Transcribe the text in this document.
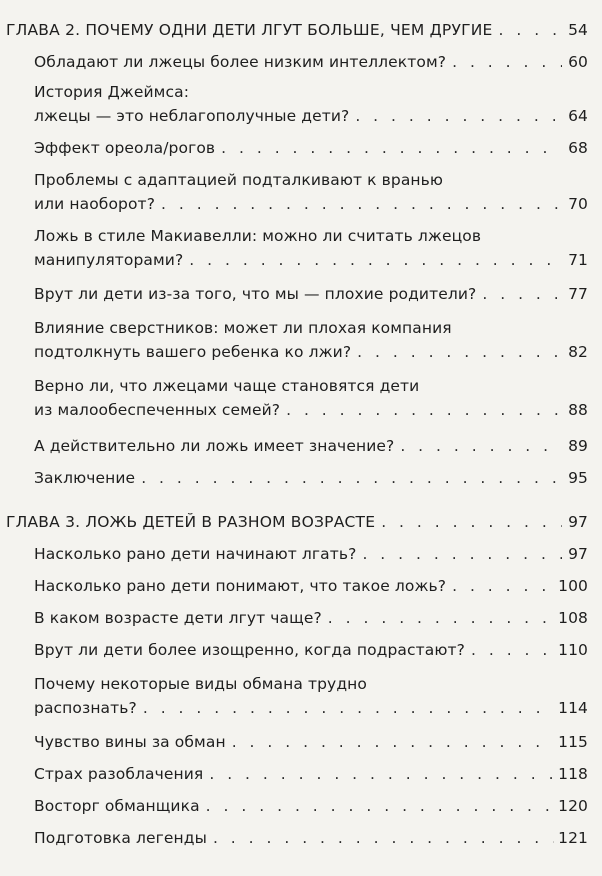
ГЛАВА 2. ПОЧЕМУ ОДНИ ДЕТИ ЛГУТ БОЛЬШЕ, ЧЕМ ДРУГИЕ . . .	54
Обладают ли лжецы более низким интеллектом? . . .	60
История Джеймса:
лжецы — это неблагополучные дети? . . .	64
Эффект ореола/рогов . . .	68
Проблемы с адаптацией подталкивают к вранью
или наоборот? . . .	70
Ложь в стиле Макиавелли: можно ли считать лжецов
манипуляторами? . . .	71
Врут ли дети из-за того, что мы — плохие родители? . . .	77
Влияние сверстников: может ли плохая компания
подтолкнуть вашего ребенка ко лжи? . . .	82
Верно ли, что лжецами чаще становятся дети
из малообеспеченных семей? . . .	88
А действительно ли ложь имеет значение? . . .	89
Заключение . . .	95
ГЛАВА 3. ЛОЖЬ ДЕТЕЙ В РАЗНОМ ВОЗРАСТЕ . . .	97
Насколько рано дети начинают лгать? . . .	97
Насколько рано дети понимают, что такое ложь? . . .	100
В каком возрасте дети лгут чаще? . . .	108
Врут ли дети более изощренно, когда подрастают? . . .	110
Почему некоторые виды обмана трудно
распознать? . . .	114
Чувство вины за обман . . .	115
Страх разоблачения . . .	118
Восторг обманщика . . .	120
Подготовка легенды . . .	121
